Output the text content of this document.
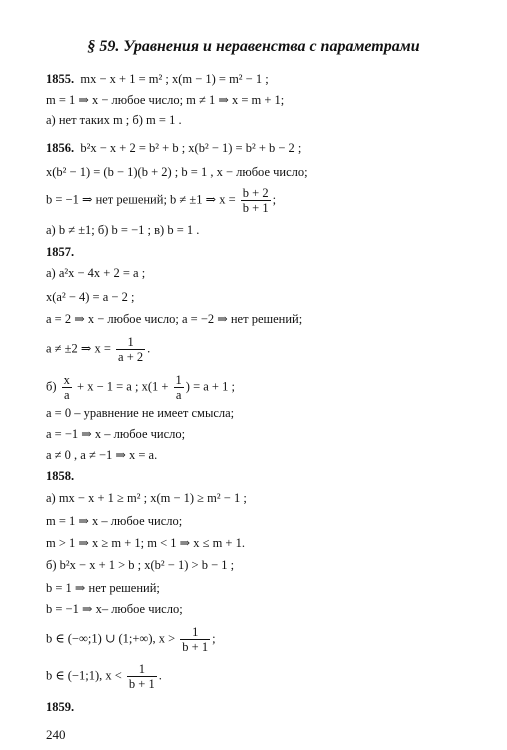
§ 59. Уравнения и неравенства с параметрами
1855. mx − x + 1 = m² ; x(m − 1) = m² − 1 ;
m = 1 ⇒ x − любое число; m ≠ 1 ⇒ x = m + 1;
а) нет таких m ; б) m = 1 .
1856. b²x − x + 2 = b² + b ; x(b² − 1) = b² + b − 2 ;
x(b² − 1) = (b − 1)(b + 2) ; b = 1 , x − любое число;
b = −1 ⇒ нет решений; b ≠ ±1 ⇒ $x = \frac{b + 2}{b + 1}$ ;
а) b ≠ ±1; б) b = −1 ; в) b = 1 .
1857.
а) a²x − 4x + 2 = a ;
x(a² − 4) = a − 2 ;
a = 2 ⇒ x − любое число; a = −2 ⇒ нет решений;
a ≠ ±2 ⇒ $x = \frac{1}{a + 2}$ .
$б) \frac{x}{a} + x - 1 = a$ ; $x(1 + \frac{1}{a}$ ) = a + 1 ;
a = 0 – уравнение не имеет смысла;
a = −1 ⇒ x – любое число;
a ≠ 0 , a ≠ −1 ⇒ x = a.
1858.
а) mx − x + 1 ≥ m² ; x(m − 1) ≥ m² − 1 ;
m = 1 ⇒ x – любое число;
m > 1 ⇒ x ≥ m + 1; m < 1 ⇒ x ≤ m + 1.
б) b²x − x + 1 > b ; x(b² − 1) > b − 1 ;
b = 1 ⇒ нет решений;
b = −1 ⇒ x– любое число;
b ∈ (−∞;1) ∪ (1;+∞), $x > \frac{1}{b + 1}$ ;
b ∈ (−1;1), $x < \frac{1}{b + 1}$ .
1859.
240
